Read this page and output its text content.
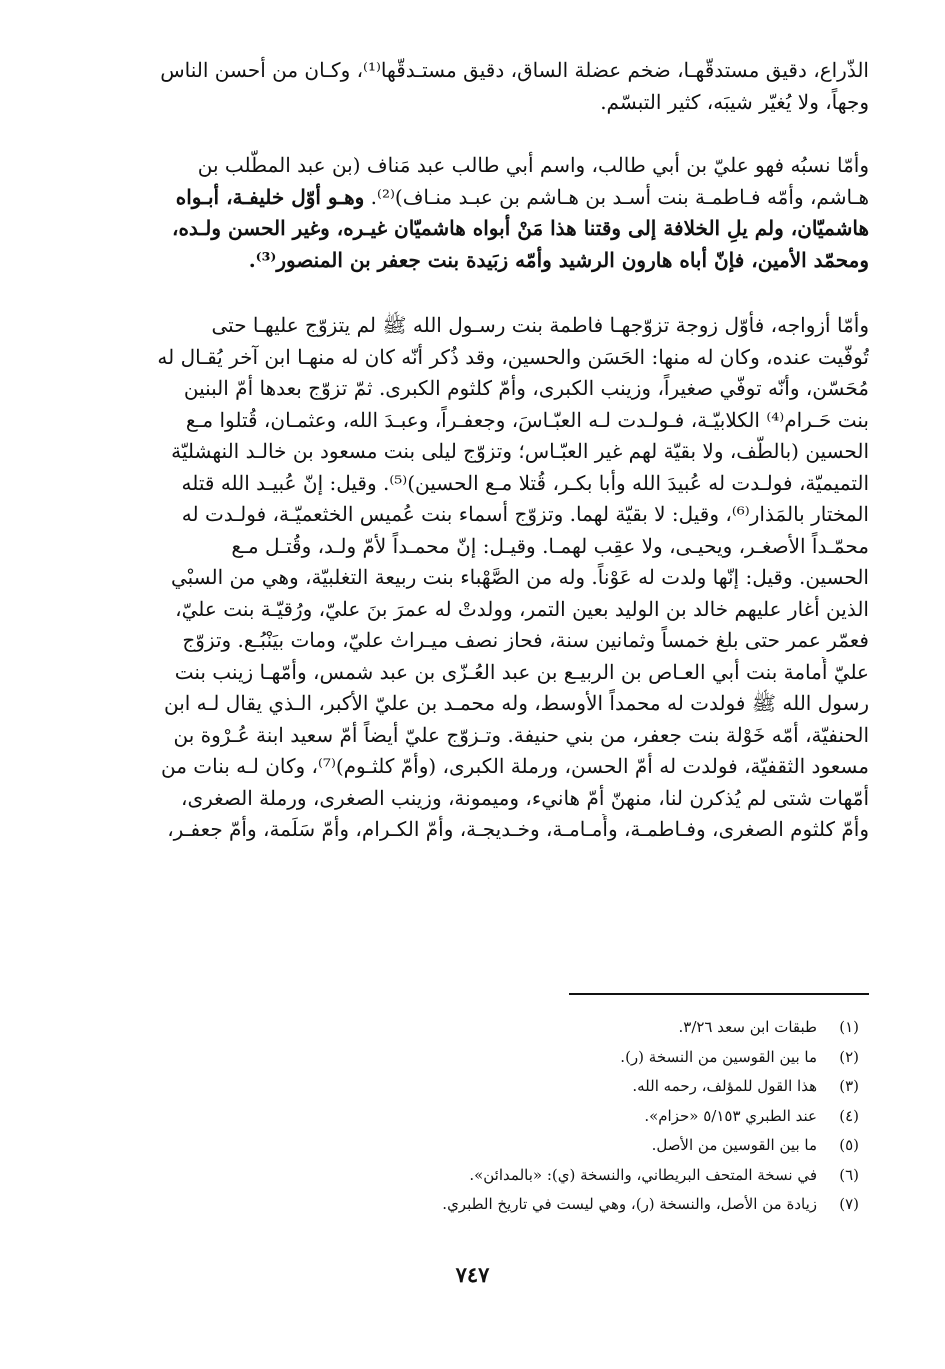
الذّراع، دقيق مستدقّهـا، ضخم عضلة الساق، دقيق مستـدقّها⁽¹⁾، وكـان من أحسن الناس
وجهاً، ولا يُغيّر شيبَه، كثير التبسّم.
وأمّا نسبُه فهو عليّ بن أبي طالب، واسم أبي طالب عبد مَناف (بن عبد المطّلب بن
هـاشم، وأمّه فـاطمـة بنت أسـد بن هـاشم بن عبـد منـاف)⁽²⁾. وهـو أوّل خليفـة، أبـواه
هاشميّان، ولم يلِ الخلافة إلى وقتنا هذا مَنْ أبواه هاشميّان غيـره، وغير الحسن ولـده،
ومحمّد الأمين، فإنّ أباه هارون الرشيد وأمّه زبَيدة بنت جعفر بن المنصور⁽³⁾.
وأمّا أزواجه، فأوّل زوجة تزوّجهـا فاطمة بنت رسـول الله ﷺ لم يتزوّج عليهـا حتى
تُوفّيت عنده، وكان له منها: الحَسَن والحسين، وقد ذُكر أنّه كان له منهـا ابن آخر يُقـال له
مُحَسّن، وأنّه توفّي صغيراً، وزينب الكبرى، وأمّ كلثوم الكبرى. ثمّ تزوّج بعدها أمّ البنين
بنت حَـرام⁽⁴⁾ الكلابيّـة، فـولـدت لـه العبّـاسَ، وجعفـراً، وعبـدَ الله، وعثمـان، قُتلوا مـع
الحسين (بالطَّف، ولا بقيّة لهم غير العبّـاس؛ وتزوّج ليلى بنت مسعود بن خالـد النهشليّة
التميميّة، فولـدت له عُبيدَ الله وأبا بكـر، قُتلا مـع الحسين)⁽⁵⁾. وقيل: إنّ عُبيـد الله قتله
المختار بالمَذار⁽⁶⁾، وقيل: لا بقيّة لهما. وتزوّج أسماء بنت عُميس الخثعميّـة، فولـدت له
محمّـداً الأصغـر، ويحيـى، ولا عقِب لهمـا. وقيـل: إنّ محمـداً لأمّ ولـد، وقُتـل مـع
الحسين. وقيل: إنّها ولدت له عَوْناً. وله من الصَّهْباء بنت ربيعة التغلبيّة، وهي من السبْي
الذين أغار عليهم خالد بن الوليد بعين التمر، وولدتْ له عمرَ بنَ عليّ، ورُقيّـة بنت عليّ،
فعمّر عمر حتى بلغ خمساً وثمانين سنة، فحاز نصف ميـراث عليّ، ومات بيَنْبُـع. وتزوّج
عليّ أُمامة بنت أبي العـاص بن الربيـع بن عبد العُـزّى بن عبد شمس، وأمّهـا زينب بنت
رسول الله ﷺ فولدت له محمداً الأوسط، وله محمـد بن عليّ الأكبر، الـذي يقال لـه ابن
الحنفيّة، أمّه خَوْلة بنت جعفر، من بني حنيفة. وتـزوّج عليّ أيضاً أمّ سعيد ابنة عُـرْوة بن
مسعود الثقفيّة، فولدت له أمّ الحسن، ورملة الكبرى، (وأمّ كلثـوم)⁽⁷⁾، وكان لـه بنات من
أمّهات شتى لم يُذكرن لنا، منهنّ أمّ هانيء، وميمونة، وزينب الصغرى، ورملة الصغرى،
وأمّ كلثوم الصغرى، وفـاطمـة، وأُمـامـة، وخـديجـة، وأمّ الكـرام، وأمّ سَلَمة، وأمّ جعفـر،
(١)طبقات ابن سعد ٣/٢٦.
(٢)ما بين القوسين من النسخة (ر).
(٣)هذا القول للمؤلف، رحمه الله.
(٤)عند الطبري ٥/١٥٣ «حزام».
(٥)ما بين القوسين من الأصل.
(٦)في نسخة المتحف البريطاني، والنسخة (ي): «بالمدائن».
(٧)زيادة من الأصل، والنسخة (ر)، وهي ليست في تاريخ الطبري.
٧٤٧
